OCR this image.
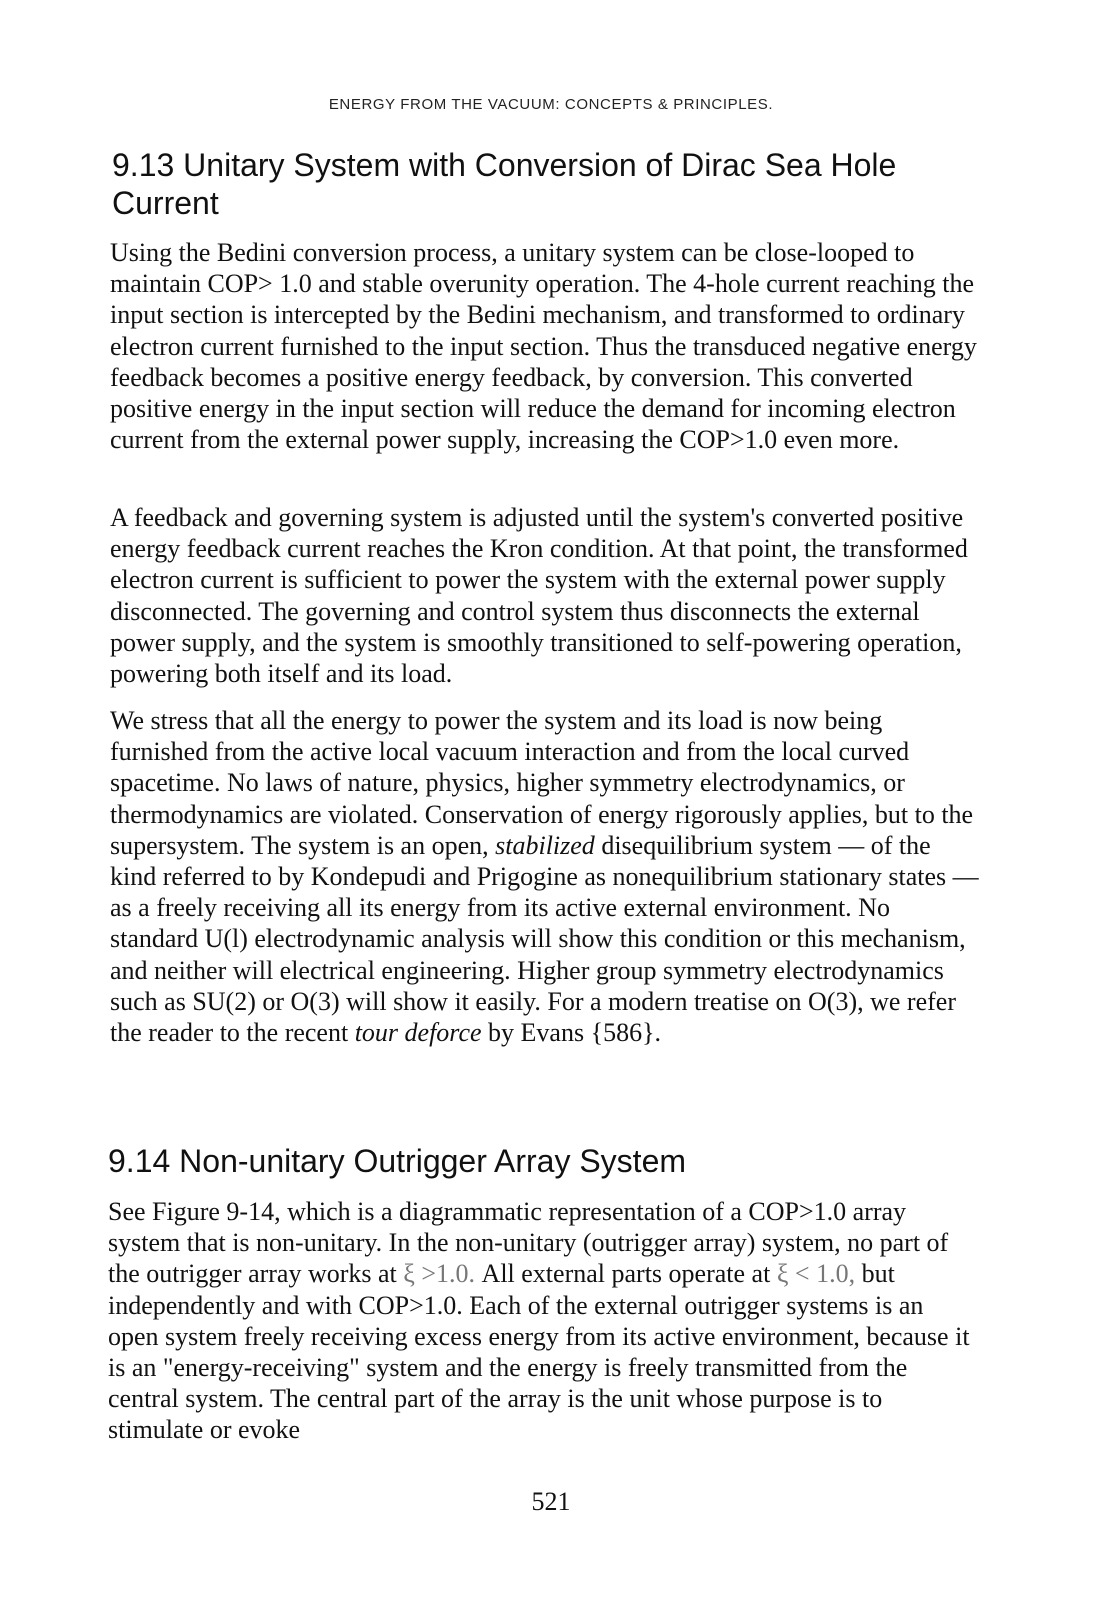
ENERGY FROM THE VACUUM: CONCEPTS & PRINCIPLES.
9.13 Unitary System with Conversion of Dirac Sea Hole Current

Using the Bedini conversion process, a unitary system can be close-looped to maintain COP> 1.0 and stable overunity operation. The 4-hole current reaching the input section is intercepted by the Bedini mechanism, and transformed to ordinary electron current furnished to the input section. Thus the transduced negative energy feedback becomes a positive energy feedback, by conversion. This converted positive energy in the input section will reduce the demand for incoming electron current from the external power supply, increasing the COP>1.0 even more.

A feedback and governing system is adjusted until the system's converted positive energy feedback current reaches the Kron condition. At that point, the transformed electron current is sufficient to power the system with the external power supply disconnected. The governing and control system thus disconnects the external power supply, and the system is smoothly transitioned to self-powering operation, powering both itself and its load.

We stress that all the energy to power the system and its load is now being furnished from the active local vacuum interaction and from the local curved spacetime. No laws of nature, physics, higher symmetry electrodynamics, or thermodynamics are violated. Conservation of energy rigorously applies, but to the supersystem. The system is an open, stabilized disequilibrium system — of the kind referred to by Kondepudi and Prigogine as nonequilibrium stationary states — as a freely receiving all its energy from its active external environment. No standard U(l) electrodynamic analysis will show this condition or this mechanism, and neither will electrical engineering. Higher group symmetry electrodynamics such as SU(2) or O(3) will show it easily. For a modern treatise on O(3), we refer the reader to the recent tour deforce by Evans {586}.

9.14 Non-unitary Outrigger Array System

See Figure 9-14, which is a diagrammatic representation of a COP>1.0 array system that is non-unitary. In the non-unitary (outrigger array) system, no part of the outrigger array works at ξ >1.0. All external parts operate at ξ < 1.0, but independently and with COP>1.0. Each of the external outrigger systems is an open system freely receiving excess energy from its active environment, because it is an "energy-receiving" system and the energy is freely transmitted from the central system. The central part of the array is the unit whose purpose is to stimulate or evoke

521
